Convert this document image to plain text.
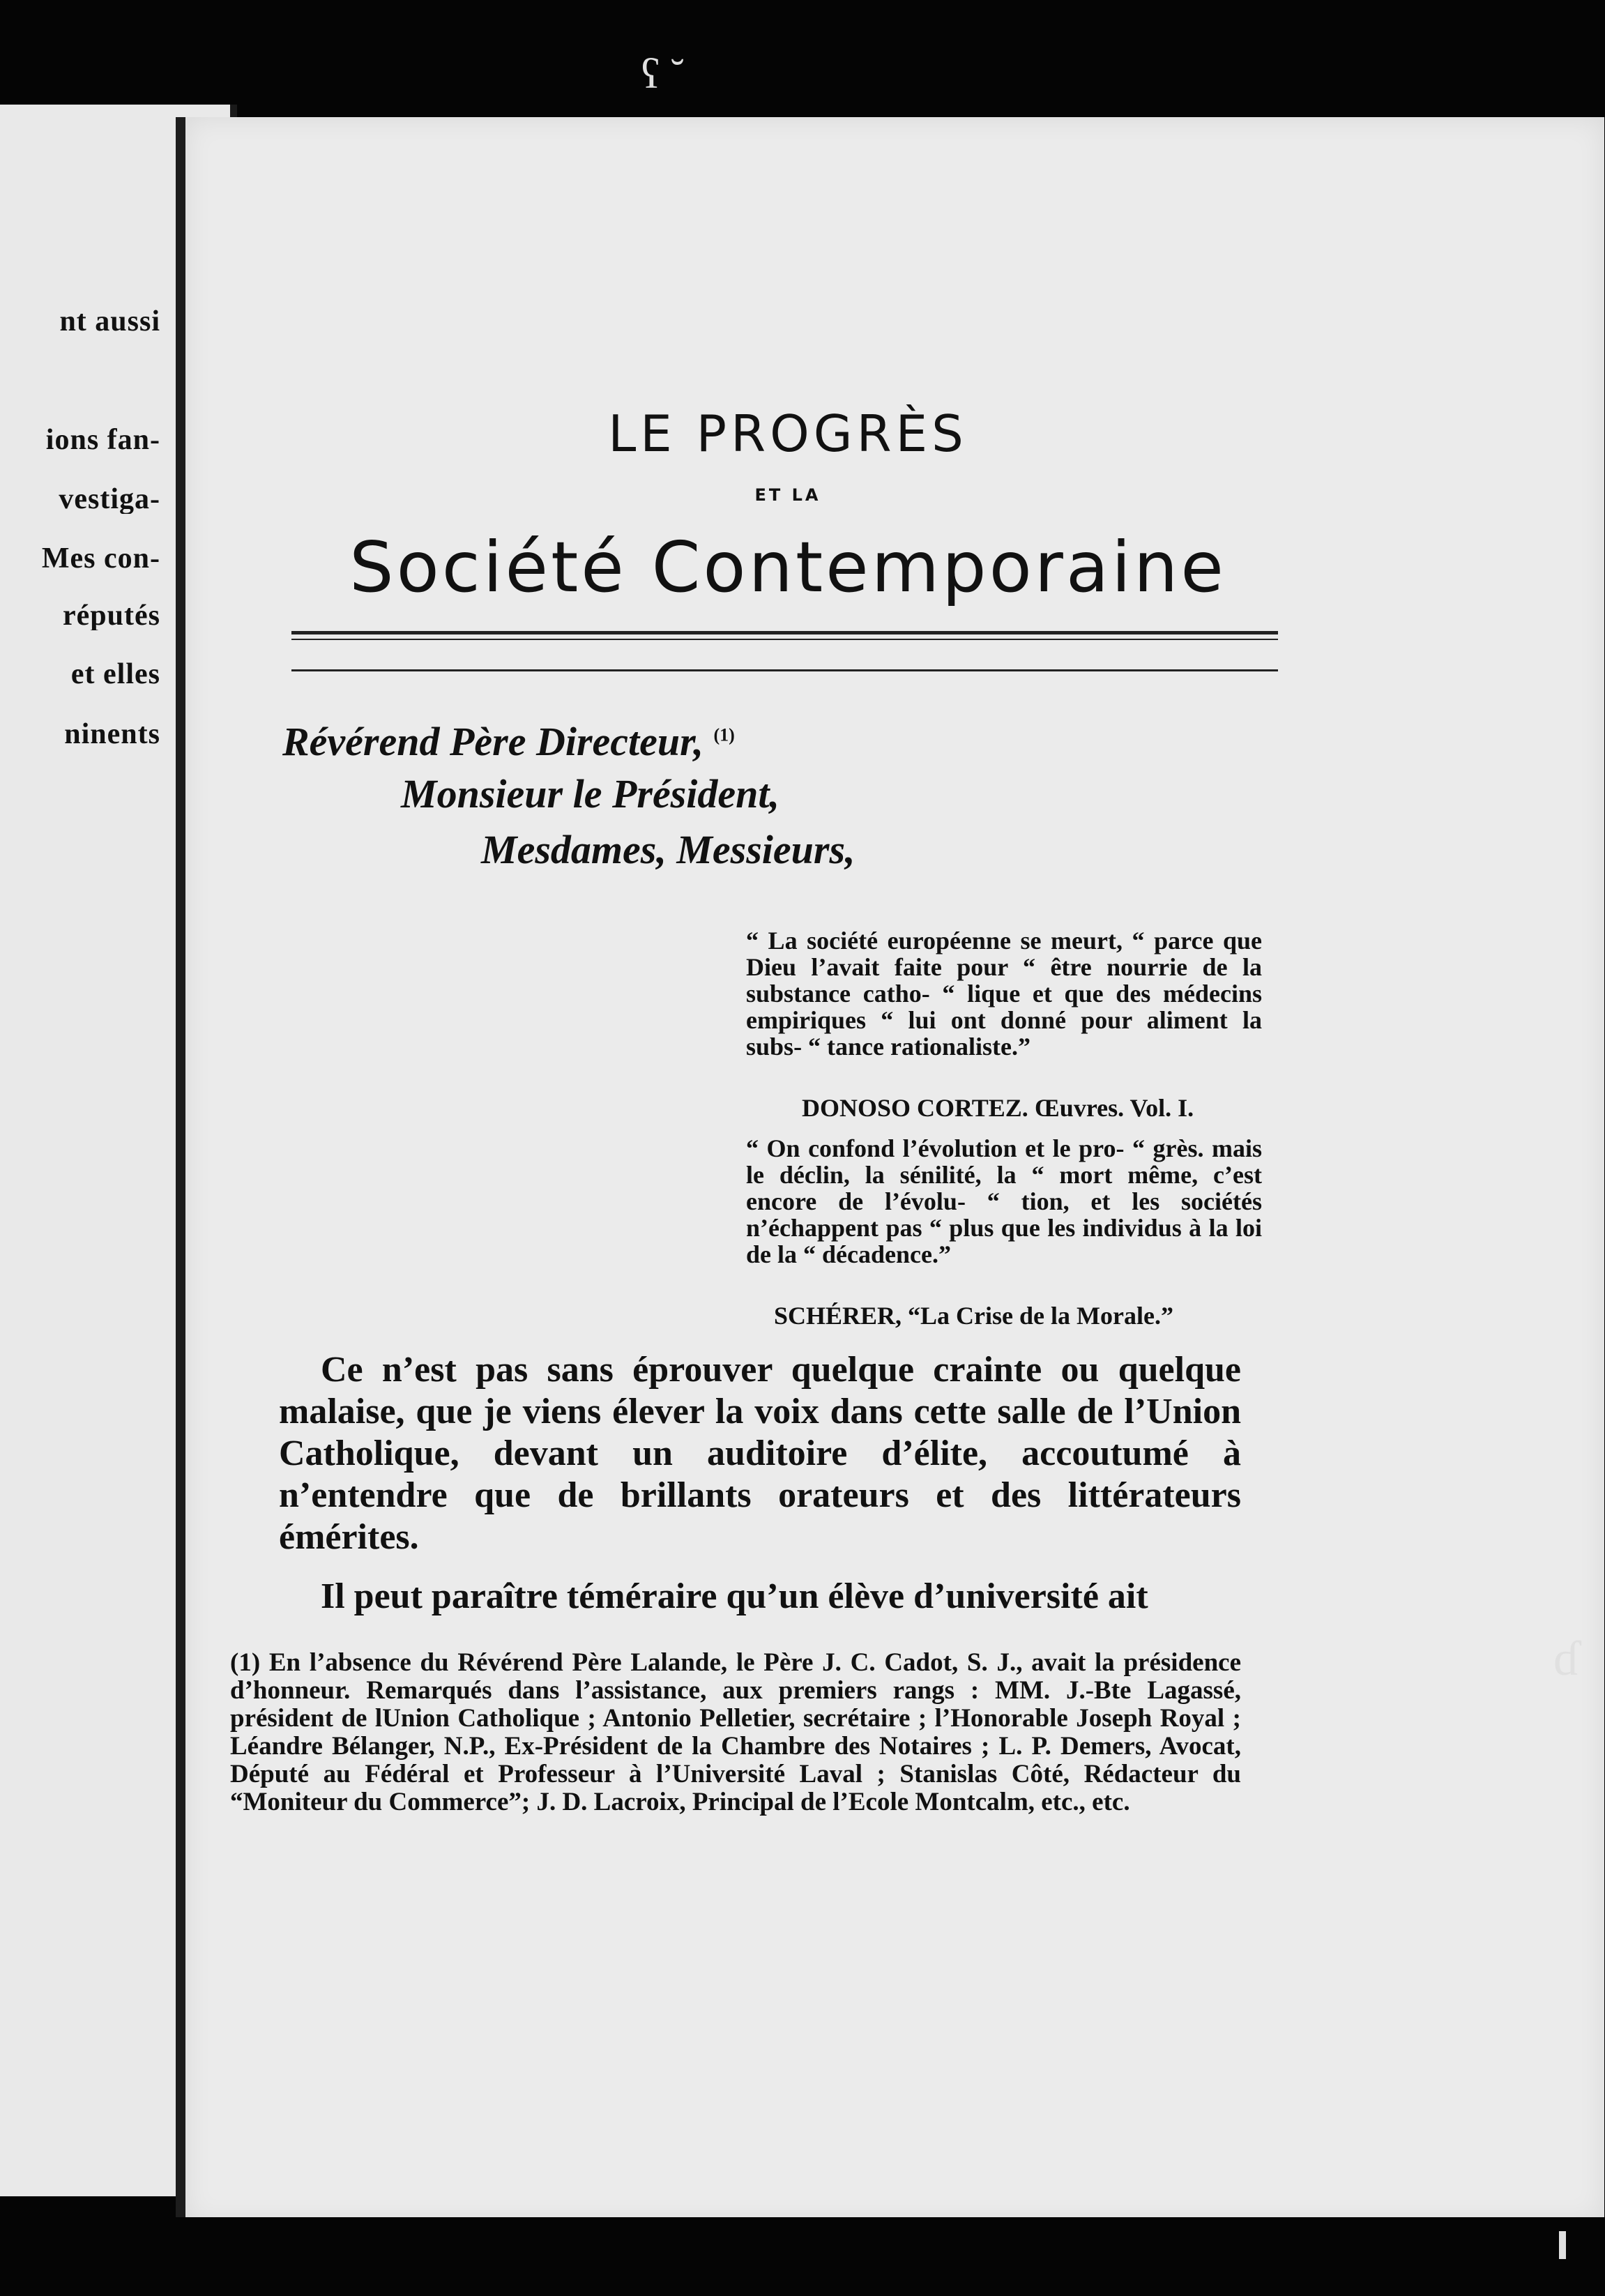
nt aussi
ions fan-
vestiga-
Mes con-
réputés
et elles
ninents
ʕ ˘
ɗ
LE PROGRÈS
ET LA
Société Contemporaine
Révérend Père Directeur, $^{(1)}$
Monsieur le Président,
Mesdames, Messieurs,
“ La société européenne se meurt, “ parce que Dieu l’avait faite pour “ être nourrie de la substance catho- “ lique et que des médecins empiriques “ lui ont donné pour aliment la subs- “ tance rationaliste.”
DONOSO CORTEZ. Œuvres. Vol. I.
“ On confond l’évolution et le pro- “ grès. mais le déclin, la sénilité, la “ mort même, c’est encore de l’évolu- “ tion, et les sociétés n’échappent pas “ plus que les individus à la loi de la “ décadence.”
SCHÉRER, “La Crise de la Morale.”
Ce n’est pas sans éprouver quelque crainte ou quelque malaise, que je viens élever la voix dans cette salle de l’Union Catholique, devant un auditoire d’élite, accoutumé à n’entendre que de brillants orateurs et des littérateurs émérites.
Il peut paraître téméraire qu’un élève d’université ait
(1) En l’absence du Révérend Père Lalande, le Père J. C. Cadot, S. J., avait la présidence d’honneur. Remarqués dans l’assistance, aux premiers rangs : MM. J.-Bte Lagassé, président de lUnion Catholique ; Antonio Pelletier, secrétaire ; l’Honorable Joseph Royal ; Léandre Bélanger, N.P., Ex-Président de la Chambre des Notaires ; L. P. Demers, Avocat, Député au Fédéral et Professeur à l’Université Laval ; Stanislas Côté, Rédacteur du “Moniteur du Commerce”; J. D. Lacroix, Principal de l’Ecole Montcalm, etc., etc.
